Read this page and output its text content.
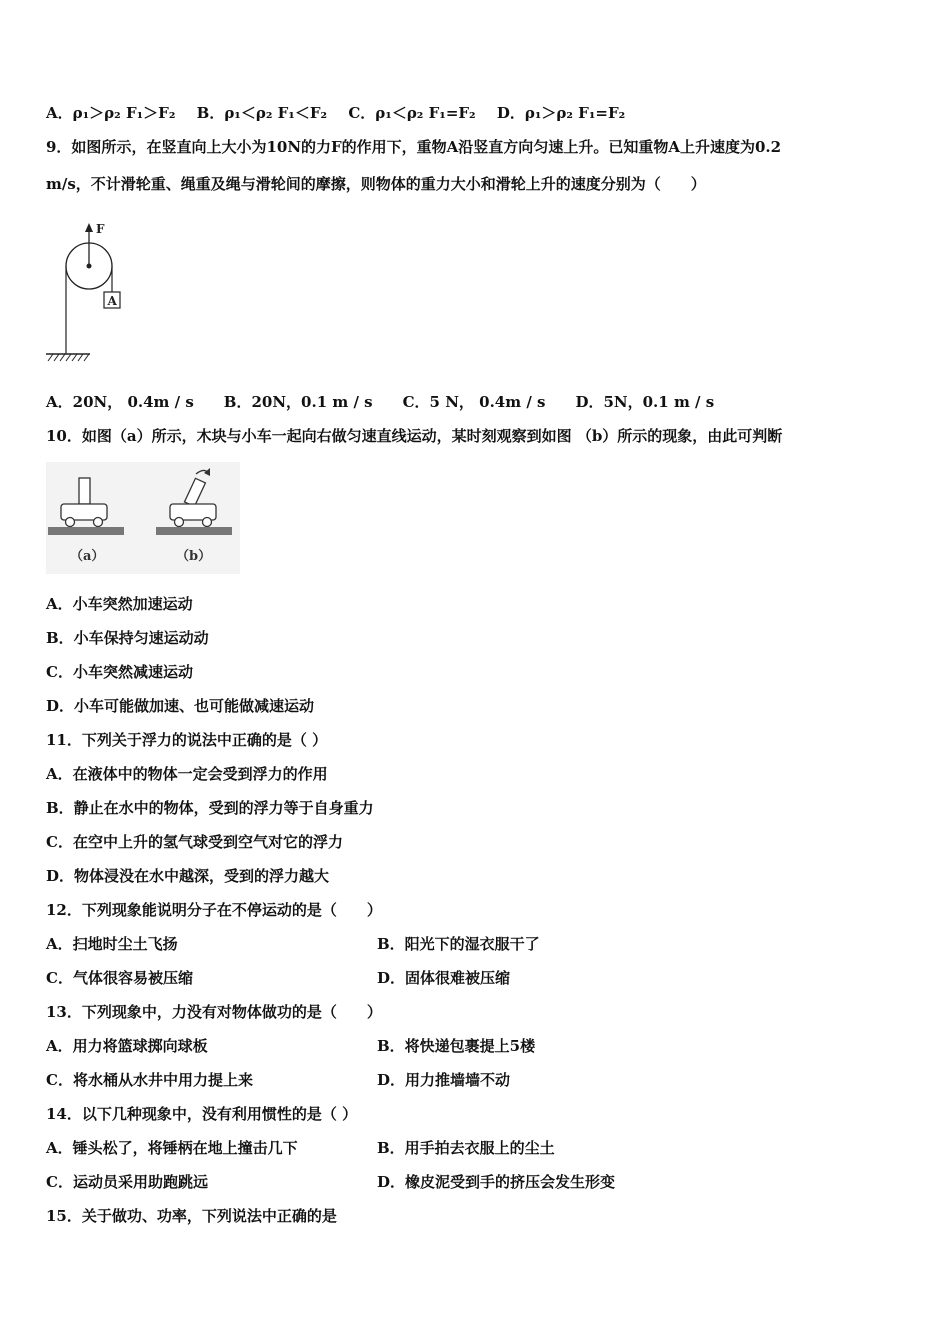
A．ρ₁＞ρ₂ F₁＞F₂ B．ρ₁＜ρ₂ F₁＜F₂ C．ρ₁＜ρ₂ F₁=F₂ D．ρ₁＞ρ₂ F₁=F₂
9．如图所示，在竖直向上大小为10N的力F的作用下，重物A沿竖直方向匀速上升。已知重物A上升速度为0.2
m/s，不计滑轮重、绳重及绳与滑轮间的摩擦，则物体的重力大小和滑轮上升的速度分别为（　　）
A
F
A．20N， 0.4m / s　　B．20N，0.1 m / s　　C．5 N， 0.4m / s　　D．5N，0.1 m / s
10．如图（a）所示，木块与小车一起向右做匀速直线运动，某时刻观察到如图 （b）所示的现象，由此可判断
（a）	（b）
A．小车突然加速运动
B．小车保持匀速运动动
C．小车突然减速运动
D．小车可能做加速、也可能做减速运动
11．下列关于浮力的说法中正确的是（ ）
A．在液体中的物体一定会受到浮力的作用
B．静止在水中的物体，受到的浮力等于自身重力
C．在空中上升的氢气球受到空气对它的浮力
D．物体浸没在水中越深，受到的浮力越大
12．下列现象能说明分子在不停运动的是（　　）
A．扫地时尘土飞扬	B．阳光下的湿衣服干了
C．气体很容易被压缩	D．固体很难被压缩
13．下列现象中，力没有对物体做功的是（　　）
A．用力将篮球掷向球板	B．将快递包裹提上5楼
C．将水桶从水井中用力提上来	D．用力推墙墙不动
14．以下几种现象中，没有利用惯性的是（ ）
A．锤头松了，将锤柄在地上撞击几下	B．用手拍去衣服上的尘土
C．运动员采用助跑跳远	D．橡皮泥受到手的挤压会发生形变
15．关于做功、功率，下列说法中正确的是
